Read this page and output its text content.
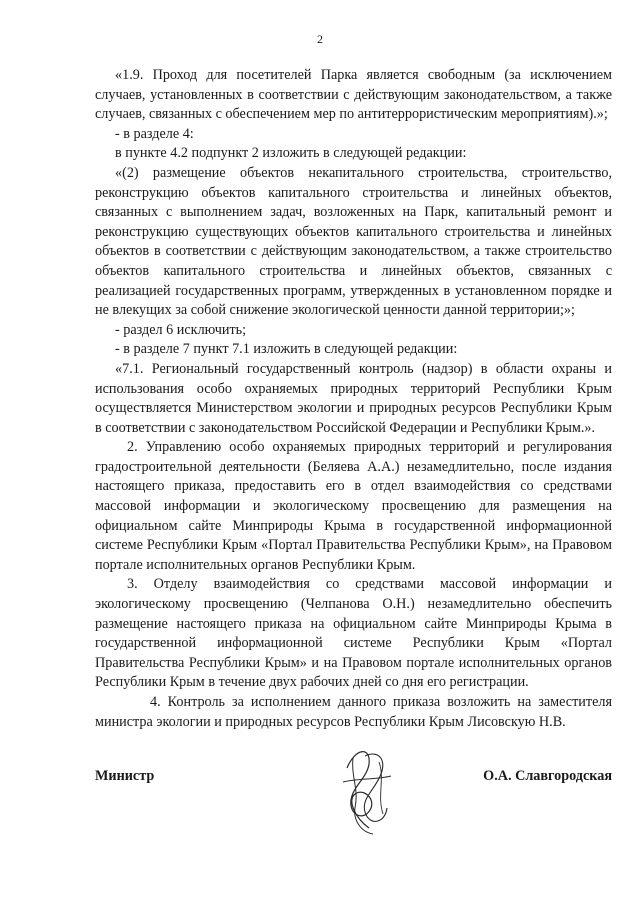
2

«1.9. Проход для посетителей Парка является свободным (за исключением случаев, установленных в соответствии с действующим законодательством, а также случаев, связанных с обеспечением мер по антитеррористическим мероприятиям).»;

- в разделе 4:

в пункте 4.2 подпункт 2 изложить в следующей редакции:

«(2) размещение объектов некапитального строительства, строительство, реконструкцию объектов капитального строительства и линейных объектов, связанных с выполнением задач, возложенных на Парк, капитальный ремонт и реконструкцию существующих объектов капитального строительства и линейных объектов в соответствии с действующим законодательством, а также строительство объектов капитального строительства и линейных объектов, связанных с реализацией государственных программ, утвержденных в установленном порядке и не влекущих за собой снижение экологической ценности данной территории;»;

- раздел 6 исключить;

- в разделе 7 пункт 7.1 изложить в следующей редакции:

«7.1. Региональный государственный контроль (надзор) в области охраны и использования особо охраняемых природных территорий Республики Крым осуществляется Министерством экологии и природных ресурсов Республики Крым в соответствии с законодательством Российской Федерации и Республики Крым.».

2. Управлению особо охраняемых природных территорий и регулирования градостроительной деятельности (Беляева А.А.) незамедлительно, после издания настоящего приказа, предоставить его в отдел взаимодействия со средствами массовой информации и экологическому просвещению для размещения на официальном сайте Минприроды Крыма в государственной информационной системе Республики Крым «Портал Правительства Республики Крым», на Правовом портале исполнительных органов Республики Крым.

3. Отделу взаимодействия со средствами массовой информации и экологическому просвещению (Челпанова О.Н.) незамедлительно обеспечить размещение настоящего приказа на официальном сайте Минприроды Крыма в государственной информационной системе Республики Крым «Портал Правительства Республики Крым» и на Правовом портале исполнительных органов Республики Крым в течение двух рабочих дней со дня его регистрации.

4. Контроль за исполнением данного приказа возложить на заместителя министра экологии и природных ресурсов Республики Крым Лисовскую Н.В.

Министр	О.А. Славгородская
